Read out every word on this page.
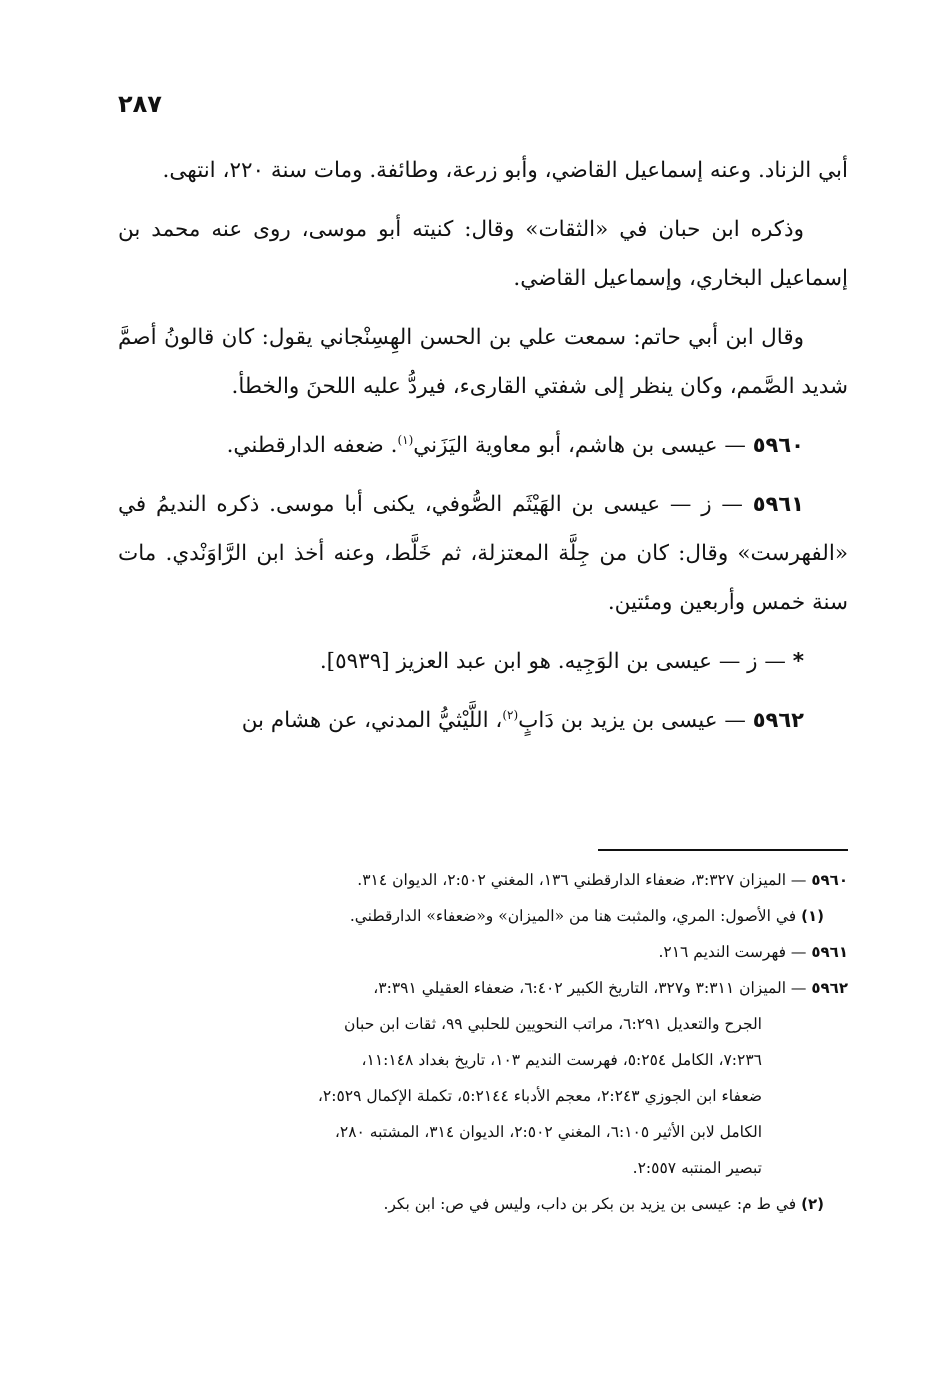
٢٨٧

أبي الزناد. وعنه إسماعيل القاضي، وأبو زرعة، وطائفة. ومات سنة ٢٢٠، انتهى.

وذكره ابن حبان في «الثقات» وقال: كنيته أبو موسى، روى عنه محمد بن إسماعيل البخاري، وإسماعيل القاضي.

وقال ابن أبي حاتم: سمعت علي بن الحسن الهِسِنْجاني يقول: كان قالونُ أصمَّ شديد الصَّمم، وكان ينظر إلى شفتي القارىء، فيردُّ عليه اللحنَ والخطأ.

٥٩٦٠ — عيسى بن هاشم، أبو معاوية اليَزَني$^{(١)}$. ضعفه الدارقطني.

٥٩٦١ — ز — عيسى بن الهَيْثَم الصُّوفي، يكنى أبا موسى. ذكره النديمُ في «الفهرست» وقال: كان من جِلَّة المعتزلة، ثم خَلَّط، وعنه أخذ ابن الرَّاوَنْدي. مات سنة خمس وأربعين ومئتين.

* — ز — عيسى بن الوَجِيه. هو ابن عبد العزيز [٥٩٣٩].

٥٩٦٢ — عيسى بن يزيد بن دَابٍ$^{(٢)}$، اللَّيْثيُّ المدني، عن هشام بن

٥٩٦٠ — الميزان ٣:٣٢٧، ضعفاء الدارقطني ١٣٦، المغني ٢:٥٠٢، الديوان ٣١٤.
(١) في الأصول: المري، والمثبت هنا من «الميزان» و«ضعفاء» الدارقطني.
٥٩٦١ — فهرست النديم ٢١٦.
٥٩٦٢ — الميزان ٣:٣١١ و٣٢٧، التاريخ الكبير ٦:٤٠٢، ضعفاء العقيلي ٣:٣٩١،
الجرح والتعديل ٦:٢٩١، مراتب النحويين للحلبي ٩٩، ثقات ابن حبان
٧:٢٣٦، الكامل ٥:٢٥٤، فهرست النديم ١٠٣، تاريخ بغداد ١١:١٤٨،
ضعفاء ابن الجوزي ٢:٢٤٣، معجم الأدباء ٥:٢١٤٤، تكملة الإكمال ٢:٥٢٩،
الكامل لابن الأثير ٦:١٠٥، المغني ٢:٥٠٢، الديوان ٣١٤، المشتبه ٢٨٠،
تبصير المنتبه ٢:٥٥٧.
(٢) في ط م: عيسى بن يزيد بن بكر بن داب، وليس في ص: ابن بكر.
